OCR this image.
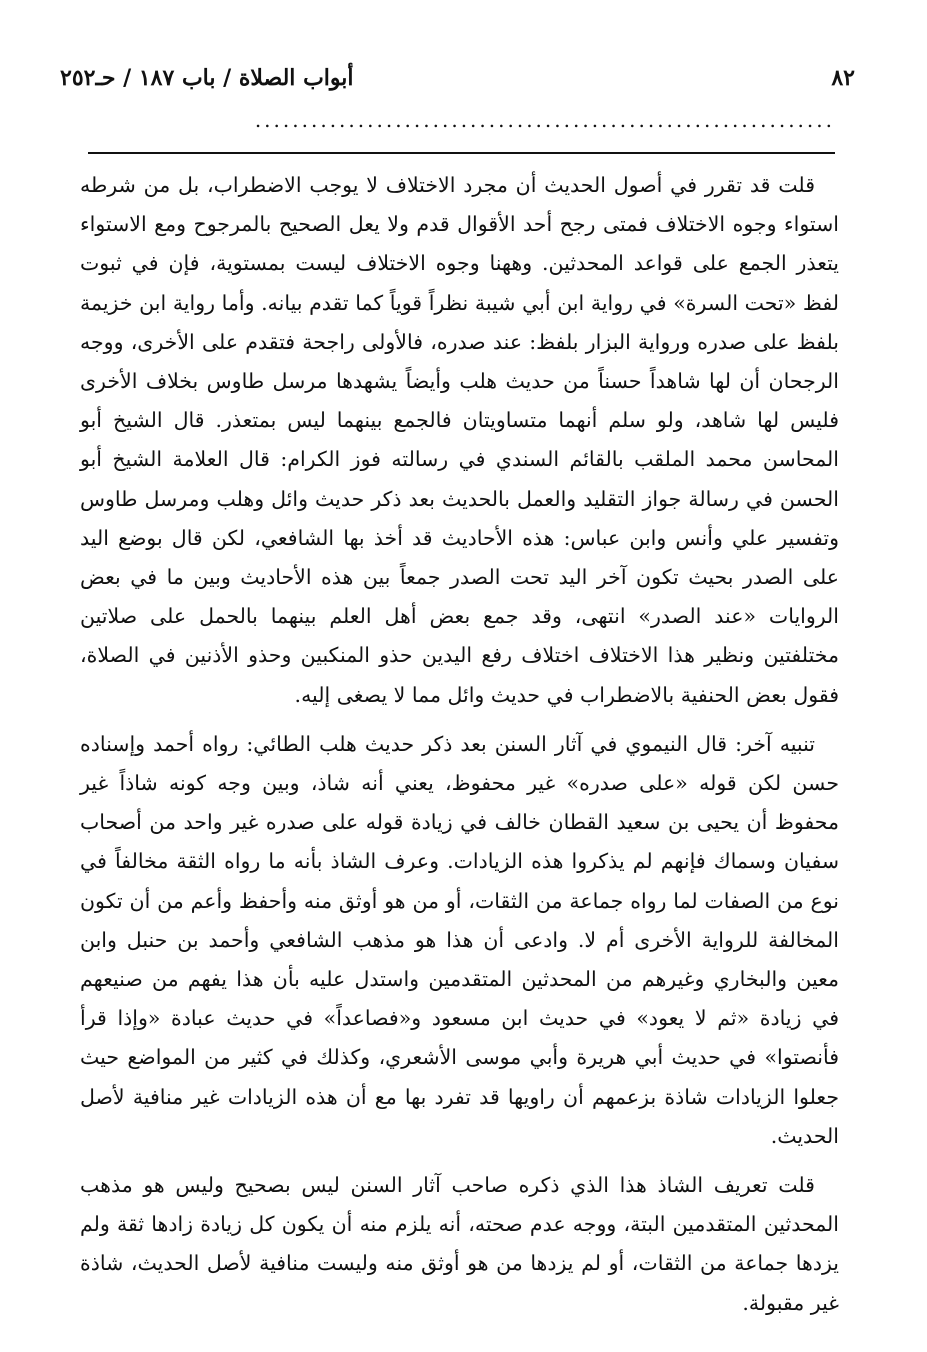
٨٢
أبواب الصلاة / باب ١٨٧ / حـ٢٥٢
..............................................................

قلت قد تقرر في أصول الحديث أن مجرد الاختلاف لا يوجب الاضطراب، بل من شرطه استواء وجوه الاختلاف فمتى رجح أحد الأقوال قدم ولا يعل الصحيح بالمرجوح ومع الاستواء يتعذر الجمع على قواعد المحدثين. وههنا وجوه الاختلاف ليست بمستوية، فإن في ثبوت لفظ «تحت السرة» في رواية ابن أبي شيبة نظراً قوياً كما تقدم بيانه. وأما رواية ابن خزيمة بلفظ على صدره ورواية البزار بلفظ: عند صدره، فالأولى راجحة فتقدم على الأخرى، ووجه الرجحان أن لها شاهداً حسناً من حديث هلب وأيضاً يشهدها مرسل طاوس بخلاف الأخرى فليس لها شاهد، ولو سلم أنهما متساويتان فالجمع بينهما ليس بمتعذر. قال الشيخ أبو المحاسن محمد الملقب بالقائم السندي في رسالته فوز الكرام: قال العلامة الشيخ أبو الحسن في رسالة جواز التقليد والعمل بالحديث بعد ذكر حديث وائل وهلب ومرسل طاوس وتفسير علي وأنس وابن عباس: هذه الأحاديث قد أخذ بها الشافعي، لكن قال بوضع اليد على الصدر بحيث تكون آخر اليد تحت الصدر جمعاً بين هذه الأحاديث وبين ما في بعض الروايات «عند الصدر» انتهى، وقد جمع بعض أهل العلم بينهما بالحمل على صلاتين مختلفتين ونظير هذا الاختلاف اختلاف رفع اليدين حذو المنكبين وحذو الأذنين في الصلاة، فقول بعض الحنفية بالاضطراب في حديث وائل مما لا يصغى إليه.

تنبيه آخر: قال النيموي في آثار السنن بعد ذكر حديث هلب الطائي: رواه أحمد وإسناده حسن لكن قوله «على صدره» غير محفوظ، يعني أنه شاذ، وبين وجه كونه شاذاً غير محفوظ أن يحيى بن سعيد القطان خالف في زيادة قوله على صدره غير واحد من أصحاب سفيان وسماك فإنهم لم يذكروا هذه الزيادات. وعرف الشاذ بأنه ما رواه الثقة مخالفاً في نوع من الصفات لما رواه جماعة من الثقات، أو من هو أوثق منه وأحفظ وأعم من أن تكون المخالفة للرواية الأخرى أم لا. وادعى أن هذا هو مذهب الشافعي وأحمد بن حنبل وابن معين والبخاري وغيرهم من المحدثين المتقدمين واستدل عليه بأن هذا يفهم من صنيعهم في زيادة «ثم لا يعود» في حديث ابن مسعود و«فصاعداً» في حديث عبادة «وإذا قرأ فأنصتوا» في حديث أبي هريرة وأبي موسى الأشعري، وكذلك في كثير من المواضع حيث جعلوا الزيادات شاذة بزعمهم أن راويها قد تفرد بها مع أن هذه الزيادات غير منافية لأصل الحديث.

قلت تعريف الشاذ هذا الذي ذكره صاحب آثار السنن ليس بصحيح وليس هو مذهب المحدثين المتقدمين البتة، ووجه عدم صحته، أنه يلزم منه أن يكون كل زيادة زادها ثقة ولم يزدها جماعة من الثقات، أو لم يزدها من هو أوثق منه وليست منافية لأصل الحديث، شاذة غير مقبولة.
